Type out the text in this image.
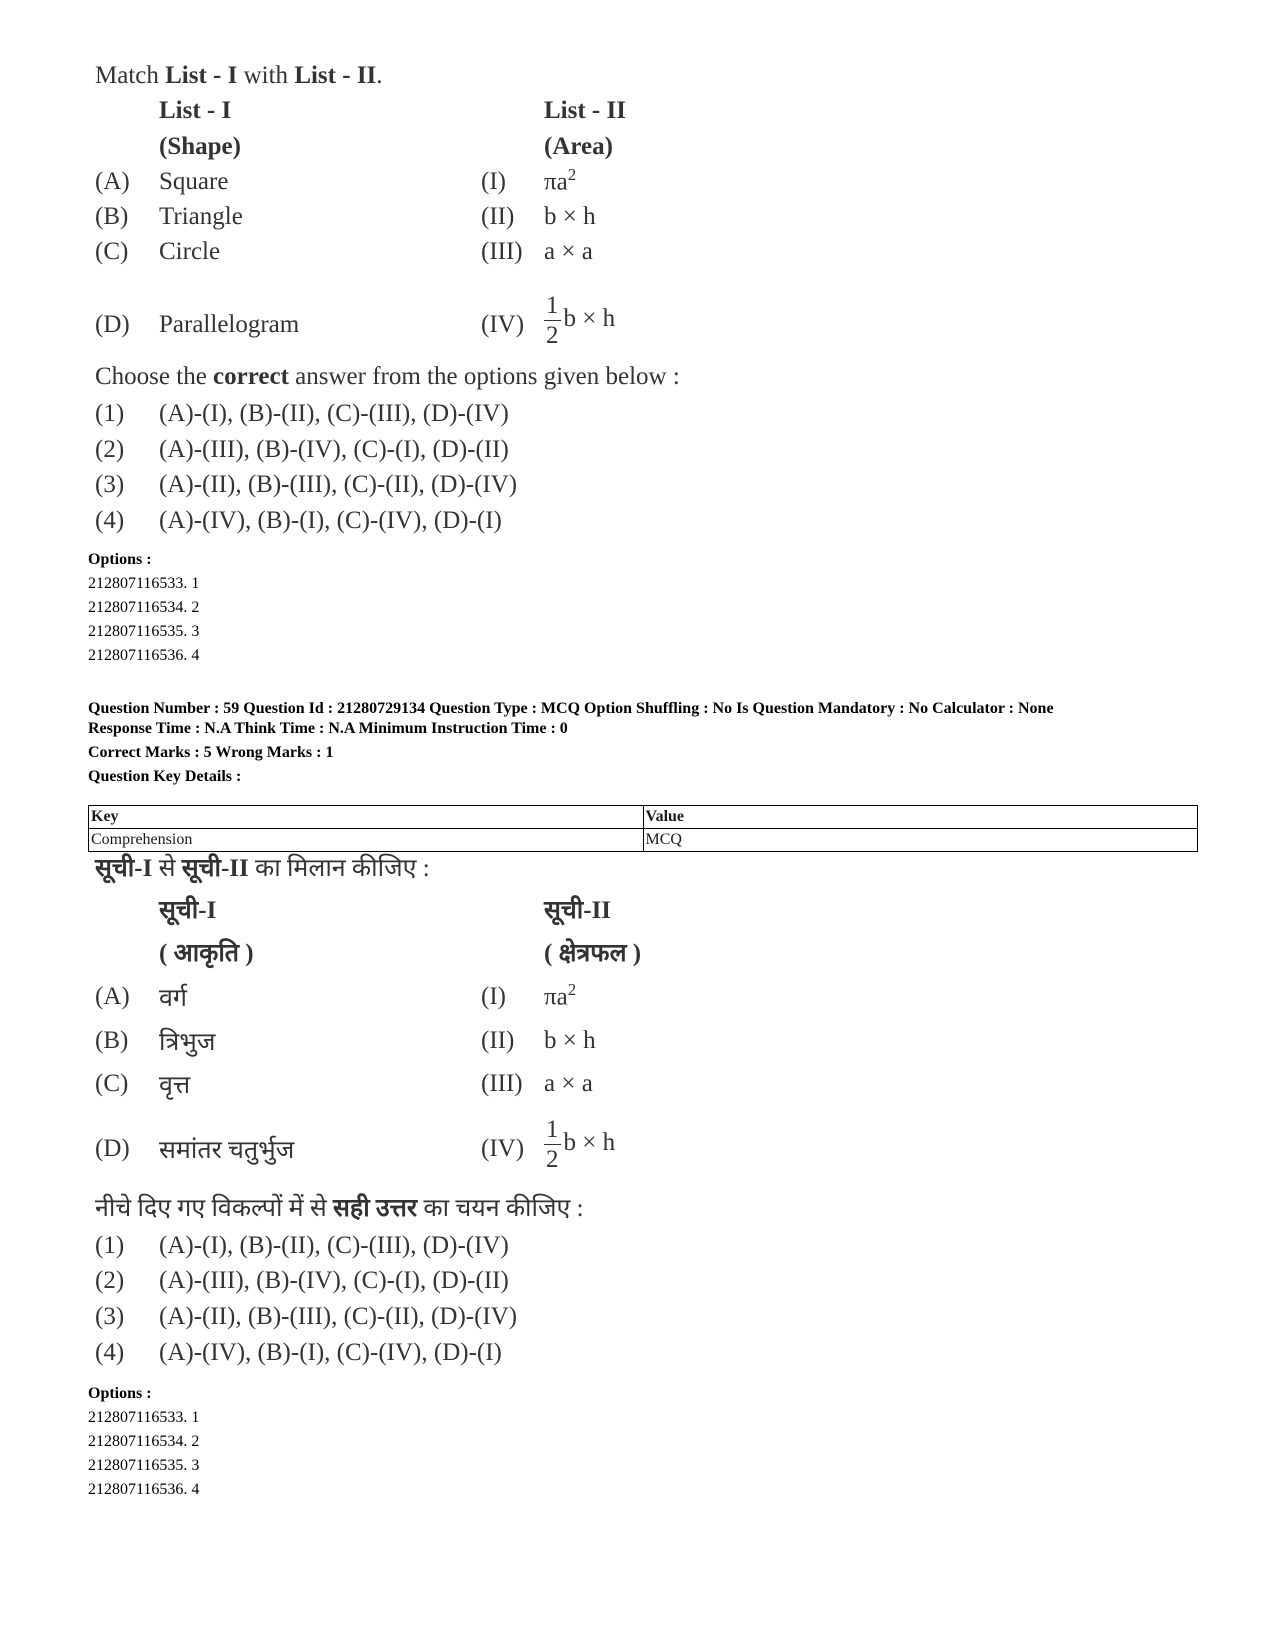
Match List - I with List - II.
List - I	List - II
(Shape)	(Area)
(A) Square	(I) $\pi a^2$
(B) Triangle	(II) b × h
(C) Circle	(III) a × a
(D) Parallelogram	$(IV) \frac{1}{2}$ b × h
Choose the correct answer from the options given below :
(1) (A)-(I), (B)-(II), (C)-(III), (D)-(IV)
(2) (A)-(III), (B)-(IV), (C)-(I), (D)-(II)
(3) (A)-(II), (B)-(III), (C)-(II), (D)-(IV)
(4) (A)-(IV), (B)-(I), (C)-(IV), (D)-(I)
Options :
212807116533. 1
212807116534. 2
212807116535. 3
212807116536. 4
Question Number : 59 Question Id : 21280729134 Question Type : MCQ Option Shuffling : No Is Question Mandatory : No Calculator : None
Response Time : N.A Think Time : N.A Minimum Instruction Time : 0
Correct Marks : 5 Wrong Marks : 1
Question Key Details :
Key	Value
Comprehension	MCQ
सूची-I से सूची-II का मिलान कीजिए :
सूची-I	सूची-II
( आकृति )	( क्षेत्रफल )
(A) वर्ग	(I) $\pi a^2$
(B) त्रिभुज	(II) b × h
(C) वृत्त	(III) a × a
(D) समांतर चतुर्भुज	$(IV) \frac{1}{2}$ b × h
नीचे दिए गए विकल्पों में से सही उत्तर का चयन कीजिए :
(1) (A)-(I), (B)-(II), (C)-(III), (D)-(IV)
(2) (A)-(III), (B)-(IV), (C)-(I), (D)-(II)
(3) (A)-(II), (B)-(III), (C)-(II), (D)-(IV)
(4) (A)-(IV), (B)-(I), (C)-(IV), (D)-(I)
Options :
212807116533. 1
212807116534. 2
212807116535. 3
212807116536. 4
